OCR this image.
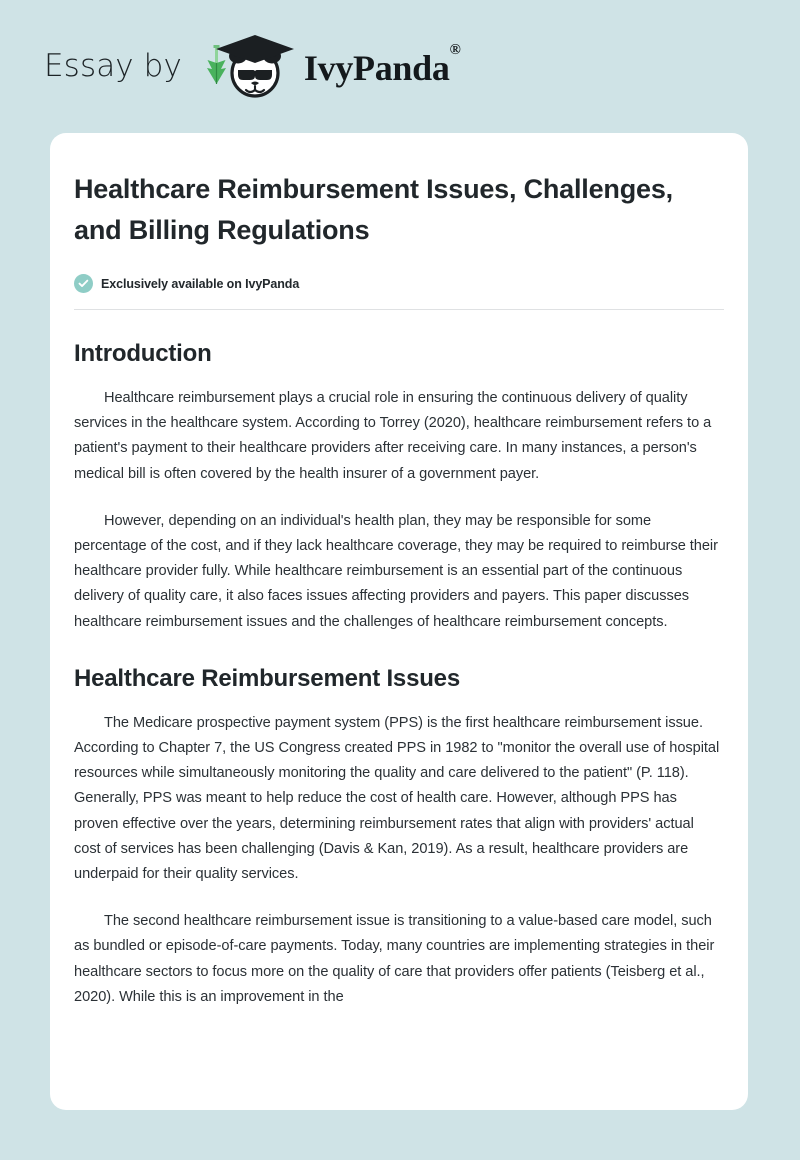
Essay by	IvyPanda®
Healthcare Reimbursement Issues, Challenges, and Billing Regulations
Exclusively available on IvyPanda
Introduction

Healthcare reimbursement plays a crucial role in ensuring the continuous delivery of quality services in the healthcare system. According to Torrey (2020), healthcare reimbursement refers to a patient's payment to their healthcare providers after receiving care. In many instances, a person's medical bill is often covered by the health insurer of a government payer.

However, depending on an individual's health plan, they may be responsible for some percentage of the cost, and if they lack healthcare coverage, they may be required to reimburse their healthcare provider fully. While healthcare reimbursement is an essential part of the continuous delivery of quality care, it also faces issues affecting providers and payers. This paper discusses healthcare reimbursement issues and the challenges of healthcare reimbursement concepts.

Healthcare Reimbursement Issues

The Medicare prospective payment system (PPS) is the first healthcare reimbursement issue. According to Chapter 7, the US Congress created PPS in 1982 to "monitor the overall use of hospital resources while simultaneously monitoring the quality and care delivered to the patient" (P. 118). Generally, PPS was meant to help reduce the cost of health care. However, although PPS has proven effective over the years, determining reimbursement rates that align with providers' actual cost of services has been challenging (Davis & Kan, 2019). As a result, healthcare providers are underpaid for their quality services.

The second healthcare reimbursement issue is transitioning to a value-based care model, such as bundled or episode-of-care payments. Today, many countries are implementing strategies in their healthcare sectors to focus more on the quality of care that providers offer patients (Teisberg et al., 2020). While this is an improvement in the
